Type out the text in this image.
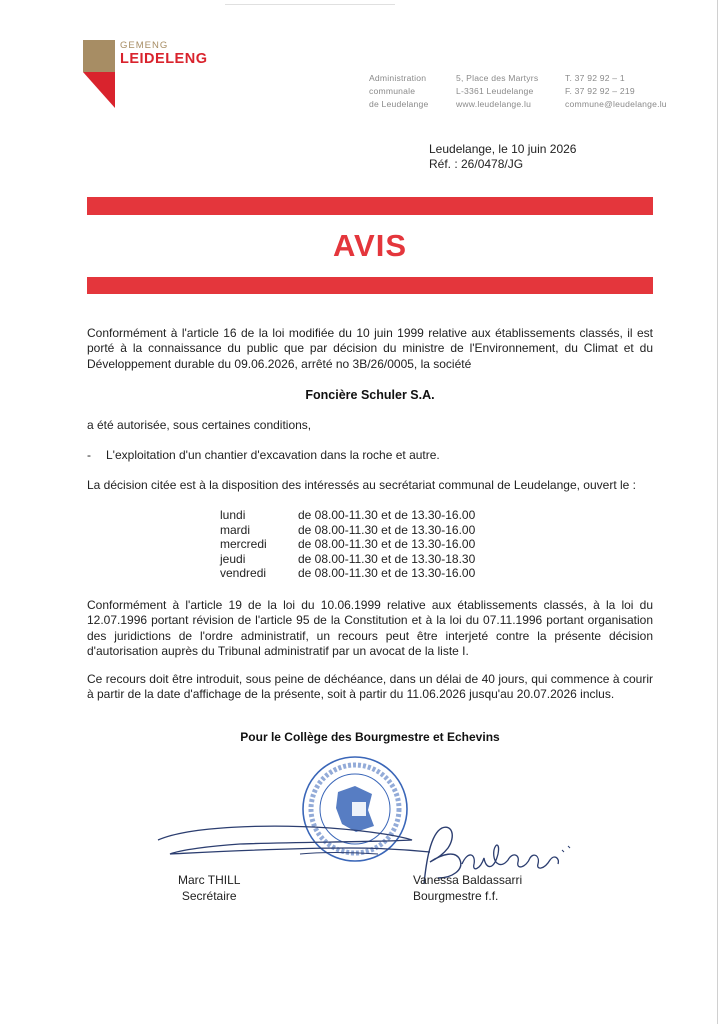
GEMENG
LEIDELENG
Administration
communale
de Leudelange
5, Place des Martyrs
L-3361 Leudelange
www.leudelange.lu
T. 37 92 92 – 1
F. 37 92 92 – 219
commune@leudelange.lu
Leudelange, le 10 juin 2026
Réf. : 26/0478/JG
AVIS
Conformément à l'article 16 de la loi modifiée du 10 juin 1999 relative aux établissements classés, il est porté à la connaissance du public que par décision du ministre de l'Environnement, du Climat et du Développement durable du 09.06.2026, arrêté no 3B/26/0005, la société
Foncière Schuler S.A.
a été autorisée, sous certaines conditions,
- L'exploitation d'un chantier d'excavation dans la roche et autre.
La décision citée est à la disposition des intéressés au secrétariat communal de Leudelange, ouvert le :
lundi	de 08.00-11.30 et de 13.30-16.00
mardi	de 08.00-11.30 et de 13.30-16.00
mercredi	de 08.00-11.30 et de 13.30-16.00
jeudi	de 08.00-11.30 et de 13.30-18.30
vendredi	de 08.00-11.30 et de 13.30-16.00
Conformément à l'article 19 de la loi du 10.06.1999 relative aux établissements classés, à la loi du 12.07.1996 portant révision de l'article 95 de la Constitution et à la loi du 07.11.1996 portant organisation des juridictions de l'ordre administratif, un recours peut être interjeté contre la présente décision d'autorisation auprès du Tribunal administratif par un avocat de la liste I.
Ce recours doit être introduit, sous peine de déchéance, dans un délai de 40 jours, qui commence à courir à partir de la date d'affichage de la présente, soit à partir du 11.06.2026 jusqu'au 20.07.2026 inclus.
Pour le Collège des Bourgmestre et Echevins
Marc THILL
Secrétaire
Vanessa Baldassarri
Bourgmestre f.f.
